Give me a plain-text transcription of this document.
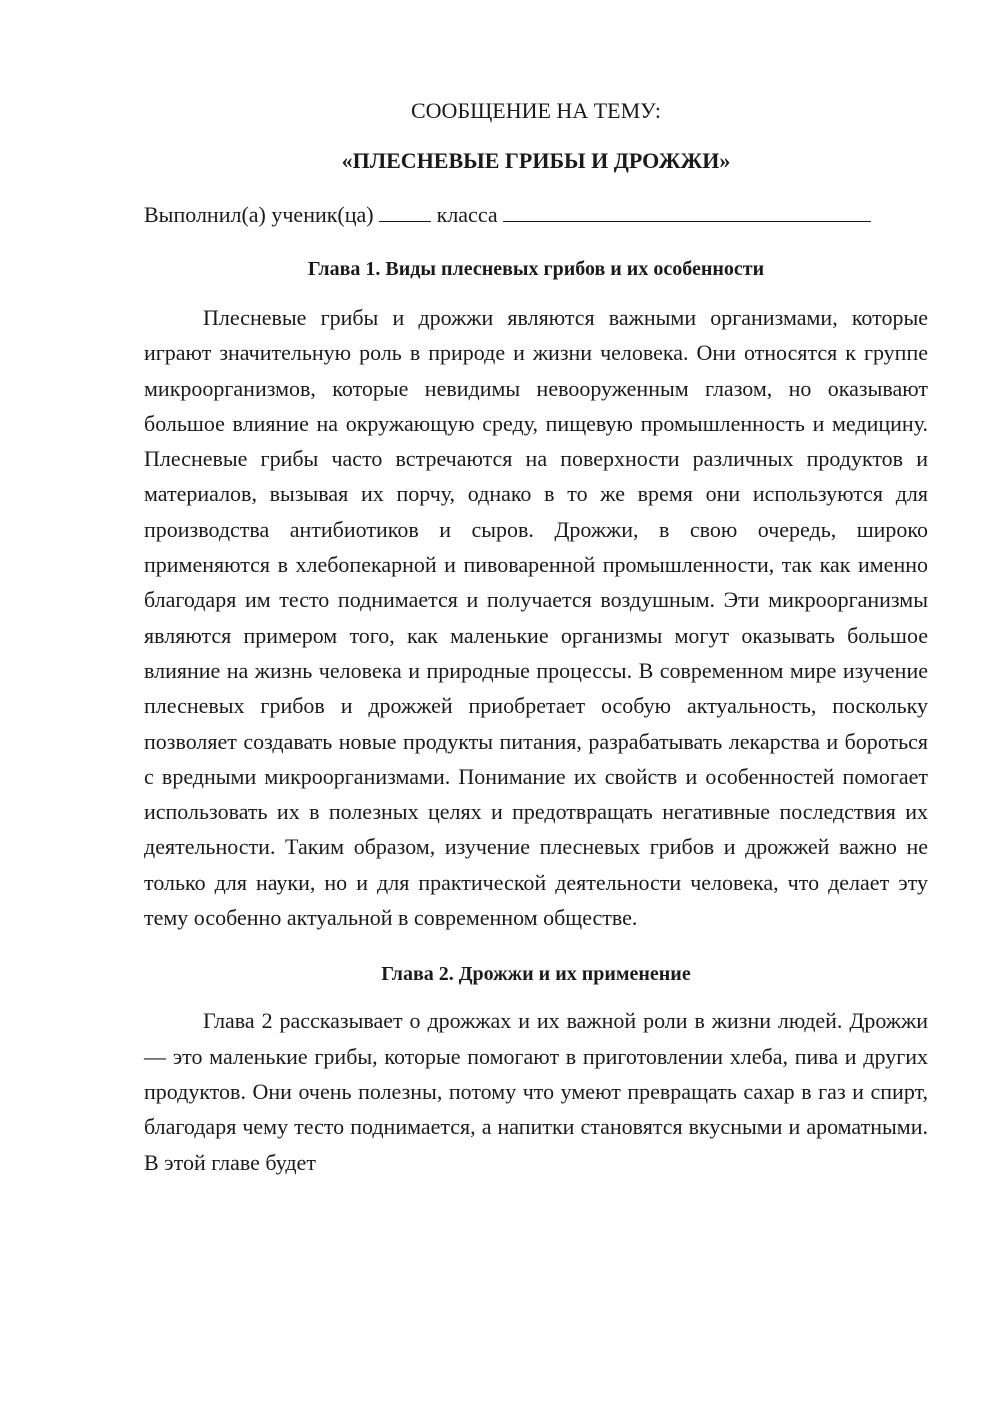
СООБЩЕНИЕ НА ТЕМУ:

«ПЛЕСНЕВЫЕ ГРИБЫ И ДРОЖЖИ»

Выполнил(а) ученик(ца)	класса
Глава 1. Виды плесневых грибов и их особенности

Плесневые грибы и дрожжи являются важными организмами, которые играют значительную роль в природе и жизни человека. Они относятся к группе микроорганизмов, которые невидимы невооруженным глазом, но оказывают большое влияние на окружающую среду, пищевую промышленность и медицину. Плесневые грибы часто встречаются на поверхности различных продуктов и материалов, вызывая их порчу, однако в то же время они используются для производства антибиотиков и сыров. Дрожжи, в свою очередь, широко применяются в хлебопекарной и пивоваренной промышленности, так как именно благодаря им тесто поднимается и получается воздушным. Эти микроорганизмы являются примером того, как маленькие организмы могут оказывать большое влияние на жизнь человека и природные процессы. В современном мире изучение плесневых грибов и дрожжей приобретает особую актуальность, поскольку позволяет создавать новые продукты питания, разрабатывать лекарства и бороться с вредными микроорганизмами. Понимание их свойств и особенностей помогает использовать их в полезных целях и предотвращать негативные последствия их деятельности. Таким образом, изучение плесневых грибов и дрожжей важно не только для науки, но и для практической деятельности человека, что делает эту тему особенно актуальной в современном обществе.

Глава 2. Дрожжи и их применение

Глава 2 рассказывает о дрожжах и их важной роли в жизни людей. Дрожжи — это маленькие грибы, которые помогают в приготовлении хлеба, пива и других продуктов. Они очень полезны, потому что умеют превращать сахар в газ и спирт, благодаря чему тесто поднимается, а напитки становятся вкусными и ароматными. В этой главе будет
